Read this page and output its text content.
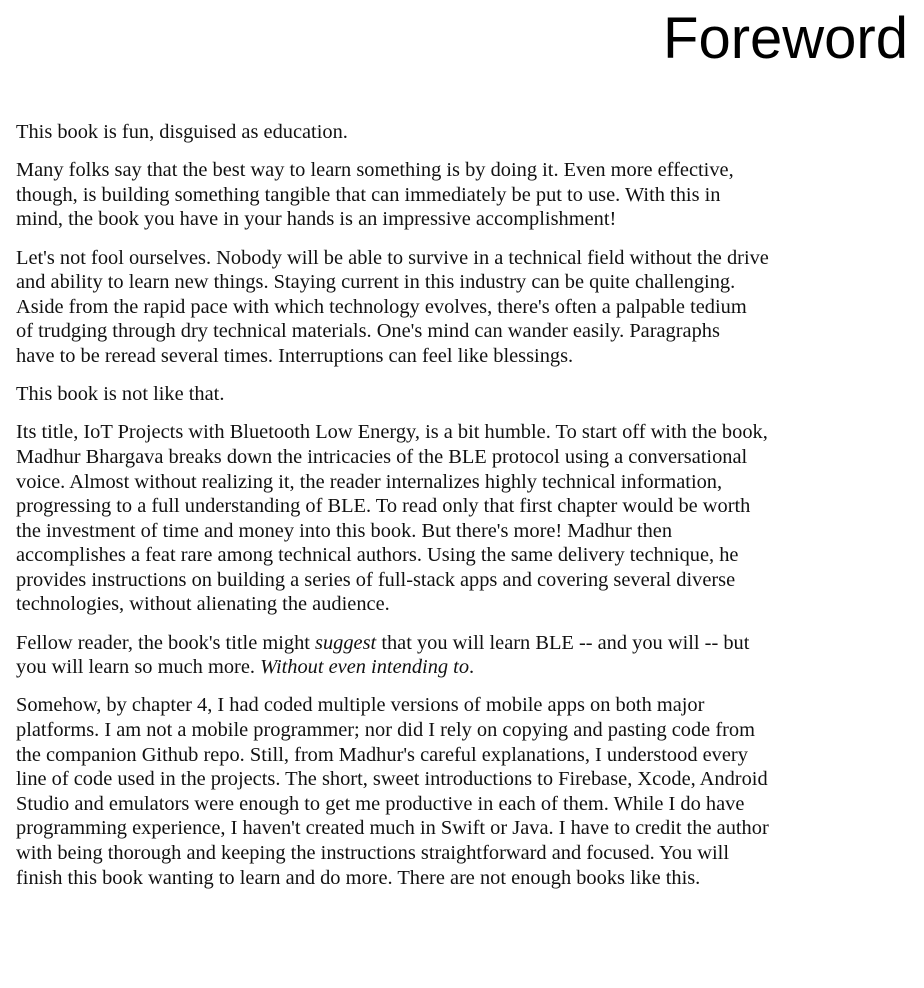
Foreword

This book is fun, disguised as education.

Many folks say that the best way to learn something is by doing it. Even more effective,
though, is building something tangible that can immediately be put to use. With this in
mind, the book you have in your hands is an impressive accomplishment!

Let's not fool ourselves. Nobody will be able to survive in a technical field without the drive
and ability to learn new things. Staying current in this industry can be quite challenging.
Aside from the rapid pace with which technology evolves, there's often a palpable tedium
of trudging through dry technical materials. One's mind can wander easily. Paragraphs
have to be reread several times. Interruptions can feel like blessings.

This book is not like that.

Its title, IoT Projects with Bluetooth Low Energy, is a bit humble. To start off with the book,
Madhur Bhargava breaks down the intricacies of the BLE protocol using a conversational
voice. Almost without realizing it, the reader internalizes highly technical information,
progressing to a full understanding of BLE. To read only that first chapter would be worth
the investment of time and money into this book. But there's more! Madhur then
accomplishes a feat rare among technical authors. Using the same delivery technique, he
provides instructions on building a series of full-stack apps and covering several diverse
technologies, without alienating the audience.

Fellow reader, the book's title might suggest that you will learn BLE -- and you will -- but
you will learn so much more. Without even intending to.

Somehow, by chapter 4, I had coded multiple versions of mobile apps on both major
platforms. I am not a mobile programmer; nor did I rely on copying and pasting code from
the companion Github repo. Still, from Madhur's careful explanations, I understood every
line of code used in the projects. The short, sweet introductions to Firebase, Xcode, Android
Studio and emulators were enough to get me productive in each of them. While I do have
programming experience, I haven't created much in Swift or Java. I have to credit the author
with being thorough and keeping the instructions straightforward and focused. You will
finish this book wanting to learn and do more. There are not enough books like this.
